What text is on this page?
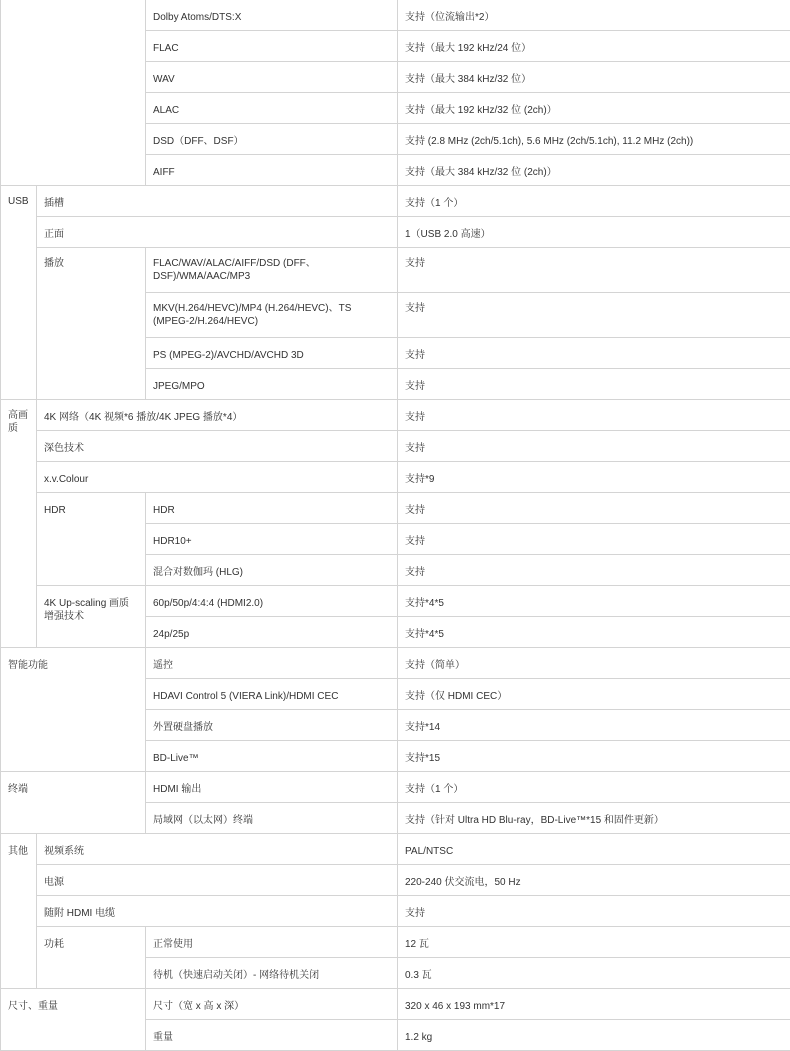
		Dolby Atoms/DTS:X	支持（位流输出*2）
		FLAC	支持（最大 192 kHz/24 位）
		WAV	支持（最大 384 kHz/32 位）
		ALAC	支持（最大 192 kHz/32 位 (2ch)）
		DSD（DFF、DSF）	支持 (2.8 MHz (2ch/5.1ch), 5.6 MHz (2ch/5.1ch), 11.2 MHz (2ch))
		AIFF	支持（最大 384 kHz/32 位 (2ch)）
USB	插槽		支持（1 个）
	正面		1（USB 2.0 高速）
	播放	FLAC/WAV/ALAC/AIFF/DSD (DFF、DSF)/WMA/AAC/MP3	支持
		MKV(H.264/HEVC)/MP4 (H.264/HEVC)、TS (MPEG-2/H.264/HEVC)	支持
		PS (MPEG-2)/AVCHD/AVCHD 3D	支持
		JPEG/MPO	支持
高画质	4K 网络（4K 视频*6 播放/4K JPEG 播放*4）		支持
	深色技术		支持
	x.v.Colour		支持*9
	HDR	HDR	支持
		HDR10+	支持
		混合对数伽玛 (HLG)	支持
	4K Up-scaling 画质增强技术	60p/50p/4:4:4 (HDMI2.0)	支持*4*5
		24p/25p	支持*4*5
智能功能		遥控	支持（简单）
		HDAVI Control 5 (VIERA Link)/HDMI CEC	支持（仅 HDMI CEC）
		外置硬盘播放	支持*14
		BD-Live™	支持*15
终端		HDMI 输出	支持（1 个）
		局域网（以太网）终端	支持（针对 Ultra HD Blu-ray，BD-Live™*15 和固件更新）
其他	视频系统		PAL/NTSC
	电源		220-240 伏交流电，50 Hz
	随附 HDMI 电缆		支持
	功耗	正常使用	12 瓦
		待机（快速启动关闭）- 网络待机关闭	0.3 瓦
尺寸、重量		尺寸（宽 x 高 x 深）	320 x 46 x 193 mm*17
		重量	1.2 kg
